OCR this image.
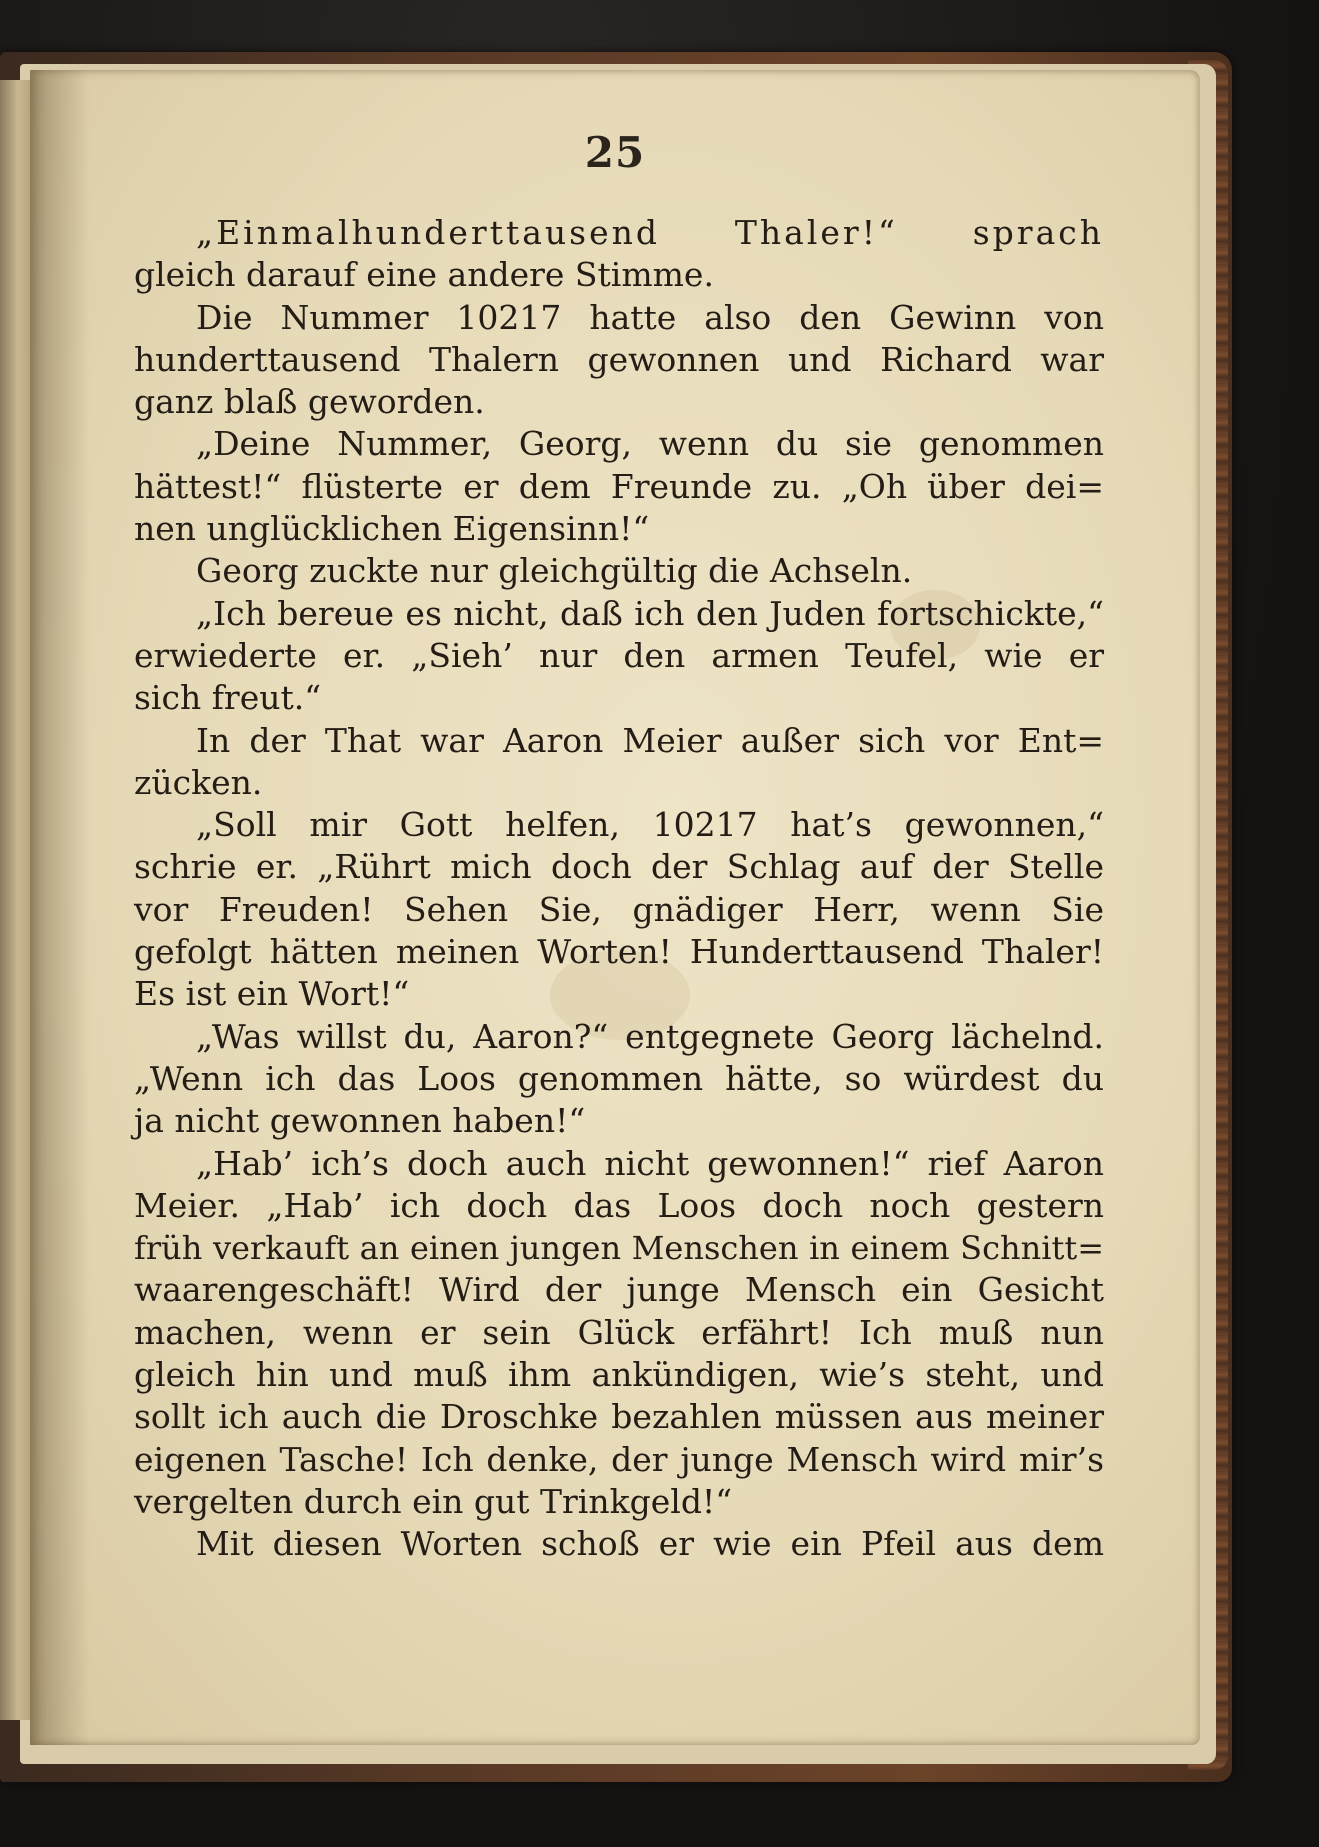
25
„Einmalhunderttausend Thaler!“ sprach
gleich darauf eine andere Stimme.
Die Nummer 10217 hatte also den Gewinn von
hunderttausend Thalern gewonnen und Richard war
ganz blaß geworden.
„Deine Nummer, Georg, wenn du sie genommen
hättest!“ flüsterte er dem Freunde zu. „Oh über dei=
nen unglücklichen Eigensinn!“
Georg zuckte nur gleichgültig die Achseln.
„Ich bereue es nicht, daß ich den Juden fortschickte,“
erwiederte er. „Sieh’ nur den armen Teufel, wie er
sich freut.“
In der That war Aaron Meier außer sich vor Ent=
zücken.
„Soll mir Gott helfen, 10217 hat’s gewonnen,“
schrie er. „Rührt mich doch der Schlag auf der Stelle
vor Freuden! Sehen Sie, gnädiger Herr, wenn Sie
gefolgt hätten meinen Worten! Hunderttausend Thaler!
Es ist ein Wort!“
„Was willst du, Aaron?“ entgegnete Georg lächelnd.
„Wenn ich das Loos genommen hätte, so würdest du
ja nicht gewonnen haben!“
„Hab’ ich’s doch auch nicht gewonnen!“ rief Aaron
Meier. „Hab’ ich doch das Loos doch noch gestern
früh verkauft an einen jungen Menschen in einem Schnitt=
waarengeschäft! Wird der junge Mensch ein Gesicht
machen, wenn er sein Glück erfährt! Ich muß nun
gleich hin und muß ihm ankündigen, wie’s steht, und
sollt ich auch die Droschke bezahlen müssen aus meiner
eigenen Tasche! Ich denke, der junge Mensch wird mir’s
vergelten durch ein gut Trinkgeld!“
Mit diesen Worten schoß er wie ein Pfeil aus dem
